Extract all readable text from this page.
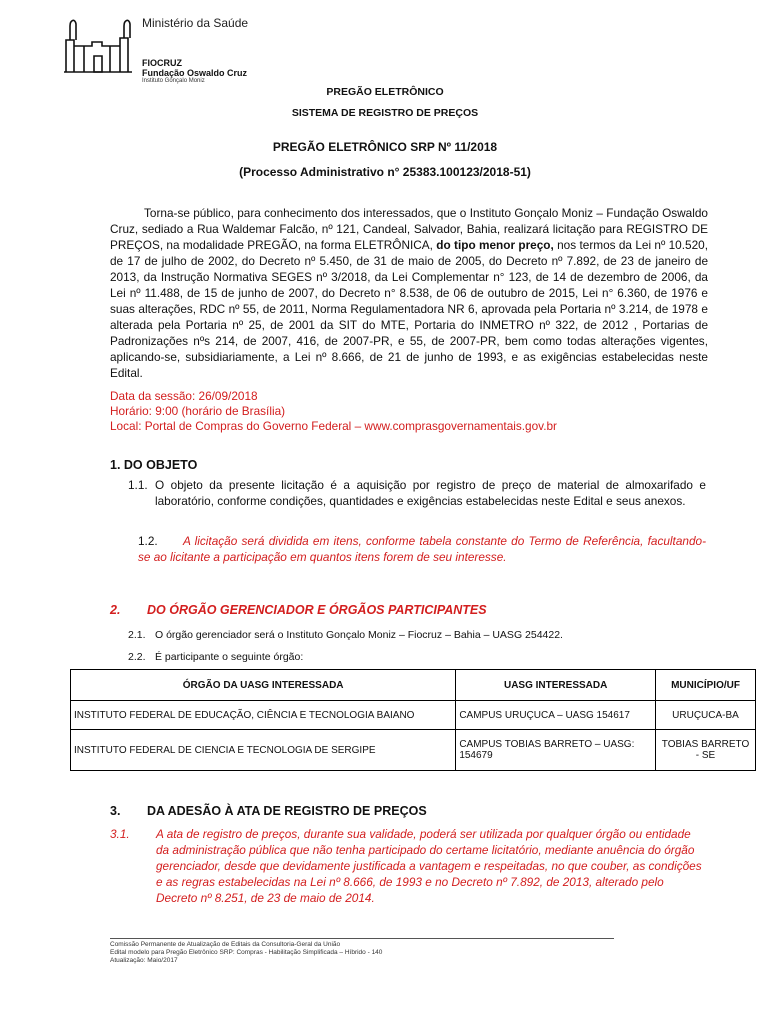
Ministério da Saúde
FIOCRUZ
Fundação Oswaldo Cruz
Instituto Gonçalo Moniz
PREGÃO ELETRÔNICO
SISTEMA DE REGISTRO DE PREÇOS
PREGÃO ELETRÔNICO SRP Nº 11/2018
(Processo Administrativo n° 25383.100123/2018-51)
Torna-se público, para conhecimento dos interessados, que o Instituto Gonçalo Moniz – Fundação Oswaldo Cruz, sediado a Rua Waldemar Falcão, nº 121, Candeal, Salvador, Bahia, realizará licitação para REGISTRO DE PREÇOS, na modalidade PREGÃO, na forma ELETRÔNICA, do tipo menor preço, nos termos da Lei nº 10.520, de 17 de julho de 2002, do Decreto nº 5.450, de 31 de maio de 2005, do Decreto nº 7.892, de 23 de janeiro de 2013, da Instrução Normativa SEGES nº 3/2018, da Lei Complementar n° 123, de 14 de dezembro de 2006, da Lei nº 11.488, de 15 de junho de 2007, do Decreto n° 8.538, de 06 de outubro de 2015, Lei n° 6.360, de 1976 e suas alterações, RDC nº 55, de 2011, Norma Regulamentadora NR 6, aprovada pela Portaria nº 3.214, de 1978 e alterada pela Portaria nº 25, de 2001 da SIT do MTE, Portaria do INMETRO nº 322, de 2012 , Portarias de Padronizações nºs 214, de 2007, 416, de 2007-PR, e 55, de 2007-PR, bem como todas alterações vigentes, aplicando-se, subsidiariamente, a Lei nº 8.666, de 21 de junho de 1993, e as exigências estabelecidas neste Edital.
Data da sessão: 26/09/2018
Horário: 9:00 (horário de Brasília)
Local: Portal de Compras do Governo Federal – www.comprasgovernamentais.gov.br
1. DO OBJETO
1.1. O objeto da presente licitação é a aquisição por registro de preço de material de almoxarifado e laboratório, conforme condições, quantidades e exigências estabelecidas neste Edital e seus anexos.
1.2. A licitação será dividida em itens, conforme tabela constante do Termo de Referência, facultando-se ao licitante a participação em quantos itens forem de seu interesse.
2. DO ÓRGÃO GERENCIADOR E ÓRGÃOS PARTICIPANTES
2.1. O órgão gerenciador será o Instituto Gonçalo Moniz – Fiocruz – Bahia – UASG 254422.
2.2. É participante o seguinte órgão:
ÓRGÃO DA UASG INTERESSADA	UASG INTERESSADA	MUNICÍPIO/UF
INSTITUTO FEDERAL DE EDUCAÇÃO, CIÊNCIA E TECNOLOGIA BAIANO	CAMPUS URUÇUCA – UASG 154617	URUÇUCA-BA
INSTITUTO FEDERAL DE CIENCIA E TECNOLOGIA DE SERGIPE	CAMPUS TOBIAS BARRETO – UASG: 154679	TOBIAS BARRETO - SE
3. DA ADESÃO À ATA DE REGISTRO DE PREÇOS
3.1. A ata de registro de preços, durante sua validade, poderá ser utilizada por qualquer órgão ou entidade da administração pública que não tenha participado do certame licitatório, mediante anuência do órgão gerenciador, desde que devidamente justificada a vantagem e respeitadas, no que couber, as condições e as regras estabelecidas na Lei nº 8.666, de 1993 e no Decreto nº 7.892, de 2013, alterado pelo Decreto nº 8.251, de 23 de maio de 2014.
Comissão Permanente de Atualização de Editais da Consultoria-Geral da União
Edital modelo para Pregão Eletrônico SRP: Compras - Habilitação Simplificada – Híbrido - 140
Atualização: Maio/2017
